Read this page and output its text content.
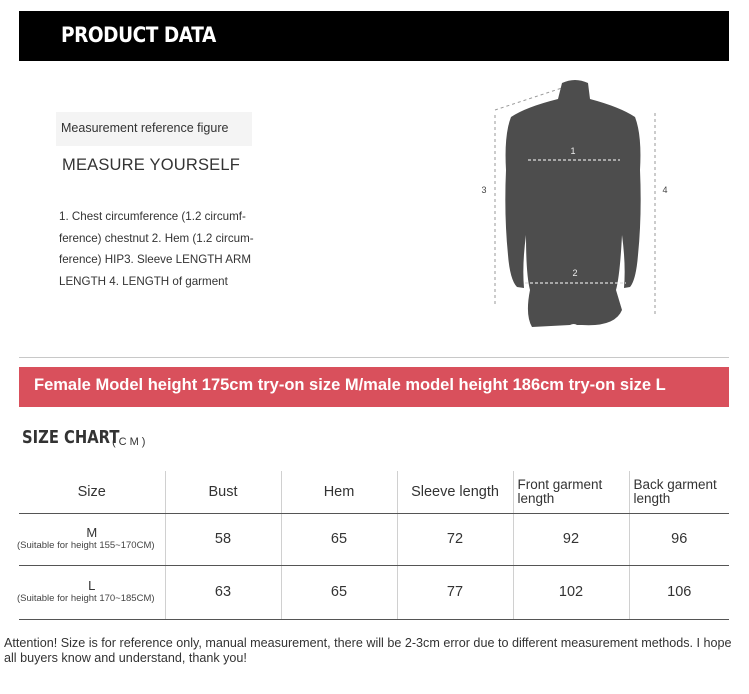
PRODUCT DATA
Measurement reference figure
MEASURE YOURSELF
1. Chest circumference (1.2 circumf-ference) chestnut 2. Hem (1.2 circum-ference) HIP3. Sleeve LENGTH ARM LENGTH 4. LENGTH of garment
1
2
3	4
Female Model height 175cm try-on size M/male model height 186cm try-on size L
SIZE CHART
(CM)
Size	Bust	Hem	Sleeve length	Front garment length	Back garment length

M
(Suitable for height 155~170CM)	58	65	72	92	96

L
(Suitable for height 170~185CM)	63	65	77	102	106
Attention! Size is for reference only, manual measurement, there will be 2-3cm error due to different measurement methods. I hope all buyers know and understand, thank you!
